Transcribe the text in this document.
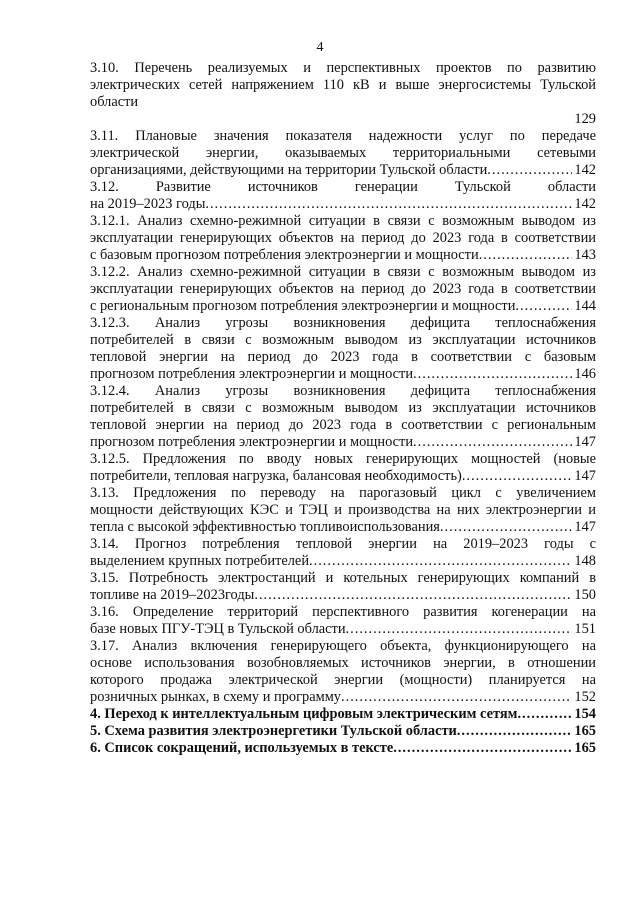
4
3.10. Перечень реализуемых и перспективных проектов по развитию
электрических сетей напряжением 110 кВ и выше энергосистемы Тульской
области
129
3.11. Плановые значения показателя надежности услуг по передаче
электрической энергии, оказываемых территориальными сетевыми
организациями, действующими на территории Тульской области .....	142
3.12. Развитие источников генерации Тульской области
на 2019–2023 годы .....	142
3.12.1. Анализ схемно-режимной ситуации в связи с возможным выводом из
эксплуатации генерирующих объектов на период до 2023 года в соответствии
с базовым прогнозом потребления электроэнергии и мощности .....	143
3.12.2. Анализ схемно-режимной ситуации в связи с возможным выводом из
эксплуатации генерирующих объектов на период до 2023 года в соответствии
с региональным прогнозом потребления электроэнергии и мощности .....	144
3.12.3. Анализ угрозы возникновения дефицита теплоснабжения
потребителей в связи с возможным выводом из эксплуатации источников
тепловой энергии на период до 2023 года в соответствии с базовым
прогнозом потребления электроэнергии и мощности .....	146
3.12.4. Анализ угрозы возникновения дефицита теплоснабжения
потребителей в связи с возможным выводом из эксплуатации источников
тепловой энергии на период до 2023 года в соответствии с региональным
прогнозом потребления электроэнергии и мощности .....	147
3.12.5. Предложения по вводу новых генерирующих мощностей (новые
потребители, тепловая нагрузка, балансовая необходимость) .....	147
3.13. Предложения по переводу на парогазовый цикл с увеличением
мощности действующих КЭС и ТЭЦ и производства на них электроэнергии и
тепла с высокой эффективностью топливоиспользования .....	147
3.14. Прогноз потребления тепловой энергии на 2019–2023 годы с
выделением крупных потребителей .....	148
3.15. Потребность электростанций и котельных генерирующих компаний в
топливе на 2019–2023годы .....	150
3.16. Определение территорий перспективного развития когенерации на
базе новых ПГУ-ТЭЦ в Тульской области .....	151
3.17. Анализ включения генерирующего объекта, функционирующего на
основе использования возобновляемых источников энергии, в отношении
которого продажа электрической энергии (мощности) планируется на
розничных рынках, в схему и программу .....	152
4. Переход к интеллектуальным цифровым электрическим сетям .....	154
5. Схема развития электроэнергетики Тульской области .....	165
6. Список сокращений, используемых в тексте .....	165
